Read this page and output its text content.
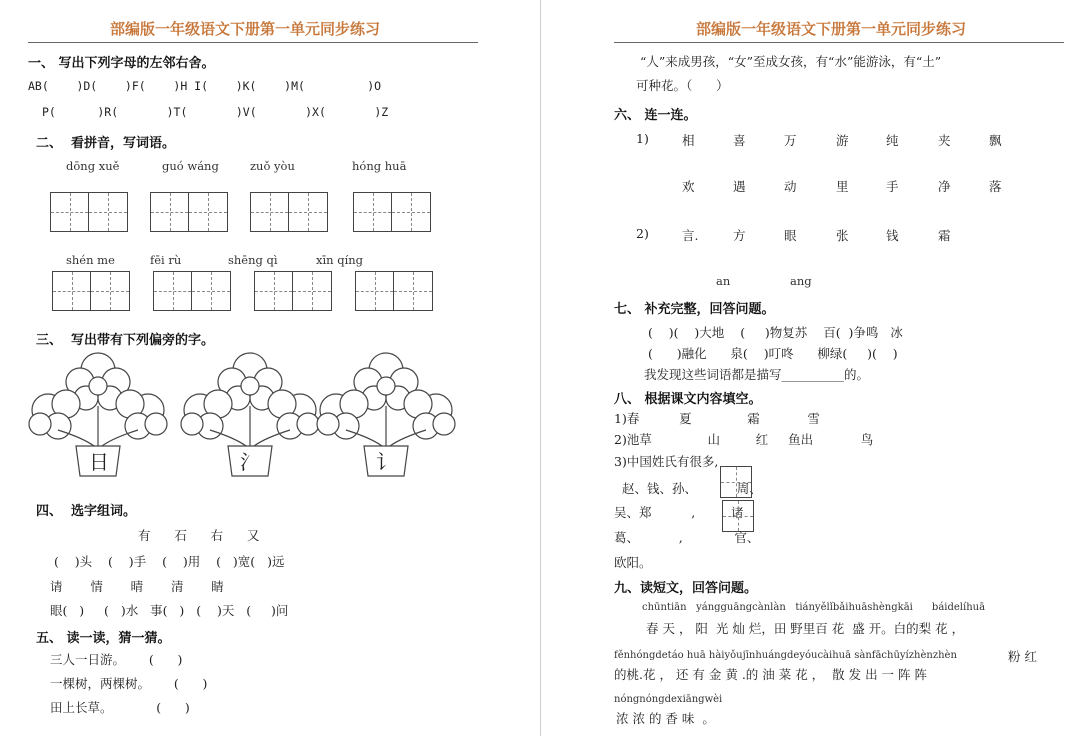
部编版一年级语文下册第一单元同步练习
一、 写出下列字母的左邻右舍。
AB(    )D(    )F(    )H I(    )K(    )M(         )O
P(      )R(       )T(       )V(       )X(       )Z
二、  看拼音，写词语。
dōng xuě	guó wáng	zuǒ yòu	hóng huā
shén me	fēi rù	shēng qì	xīn qíng
三、  写出带有下列偏旁的字。
日	氵	讠
四、  选字组词。
有      石      右      又
(    )头    (    )手    (    )用    (   )宽(   )远
请       情       晴       清       睛
眼(   )     (   )水   事(   )   (    )天   (     )问
五、 读一读，猜一猜。
三人一日游。      (      )
一棵树，两棵树。      (      )
田上长草。           (      )
部编版一年级语文下册第一单元同步练习
“人”来成男孩，“女”至成女孩，有“水”能游泳，有“土”
可种花。（      ）
六、 连一连。
1)	相	喜	万	游	纯	夹	飘
欢	遇	动	里	手	净	落
2)	言.	方	眼	张	钱	霜
an	ang
七、 补充完整，回答问题。
(    )(    )大地    (     )物复苏    百(  )争鸣   冰
(      )融化      泉(    )叮咚      柳绿(     )(    )
我发现这些词语都是描写__________的。
八、 根据课文内容填空。
1)春          夏              霜            雪
2)池草              山         红     鱼出            鸟
3)中国姓氏有很多,
赵、钱、孙、          周、
吴、郑          ,         诸
葛、          ,             官、
欧阳。
九、读短文，回答问题。
chūntiān   yángguāngcànlàn   tiányělǐbǎihuāshèngkāi      báidelíhuā
春 天 ， 阳  光 灿 烂，田 野里百 花  盛 开。白的梨 花 ，
fěnhóngdetáo huā hàiyǒujīnhuángdeyóucàihuā sànfāchūyízhènzhèn	粉 红
的桃.花 ， 还 有 金 黄 .的 油 菜 花 ，  散 发 出 一 阵 阵
nóngnóngdexiāngwèi
浓 浓 的 香 味  。
